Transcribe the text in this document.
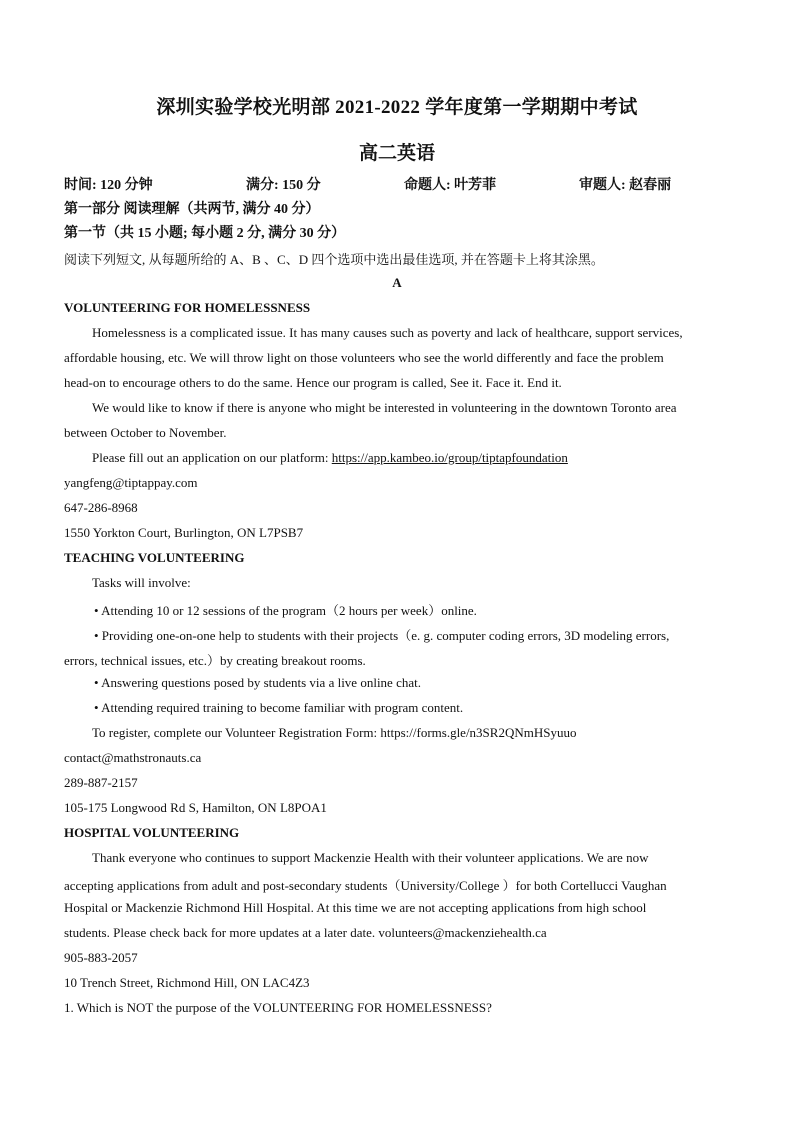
深圳实验学校光明部 2021-2022 学年度第一学期期中考试
高二英语
时间: 120 分钟	满分: 150 分	命题人: 叶芳菲	审题人: 赵春丽
第一部分 阅读理解（共两节, 满分 40 分）
第一节（共 15 小题; 每小题 2 分, 满分 30 分）
阅读下列短文, 从每题所给的 A、B 、C、D 四个选项中选出最佳选项, 并在答题卡上将其涂黑。
A
VOLUNTEERING FOR HOMELESSNESS
Homelessness is a complicated issue. It has many causes such as poverty and lack of healthcare, support services,
affordable housing, etc. We will throw light on those volunteers who see the world differently and face the problem
head-on to encourage others to do the same. Hence our program is called, See it. Face it. End it.
We would like to know if there is anyone who might be interested in volunteering in the downtown Toronto area
between October to November.
Please fill out an application on our platform: https://app.kambeo.io/group/tiptapfoundation
yangfeng@tiptappay.com
647-286-8968
1550 Yorkton Court, Burlington, ON L7PSB7
TEACHING VOLUNTEERING
Tasks will involve:
• Attending 10 or 12 sessions of the program（2 hours per week）online.
• Providing one-on-one help to students with their projects（e. g. computer coding errors, 3D modeling errors,
errors, technical issues, etc.）by creating breakout rooms.
• Answering questions posed by students via a live online chat.
• Attending required training to become familiar with program content.
To register, complete our Volunteer Registration Form: https://forms.gle/n3SR2QNmHSyuuo
contact@mathstronauts.ca
289-887-2157
105-175 Longwood Rd S, Hamilton, ON L8POA1
HOSPITAL VOLUNTEERING
Thank everyone who continues to support Mackenzie Health with their volunteer applications. We are now
accepting applications from adult and post-secondary students（University/College ）for both Cortellucci Vaughan
Hospital or Mackenzie Richmond Hill Hospital. At this time we are not accepting applications from high school
students. Please check back for more updates at a later date. volunteers@mackenziehealth.ca
905-883-2057
10 Trench Street, Richmond Hill, ON LAC4Z3
1. Which is NOT the purpose of the VOLUNTEERING FOR HOMELESSNESS?
